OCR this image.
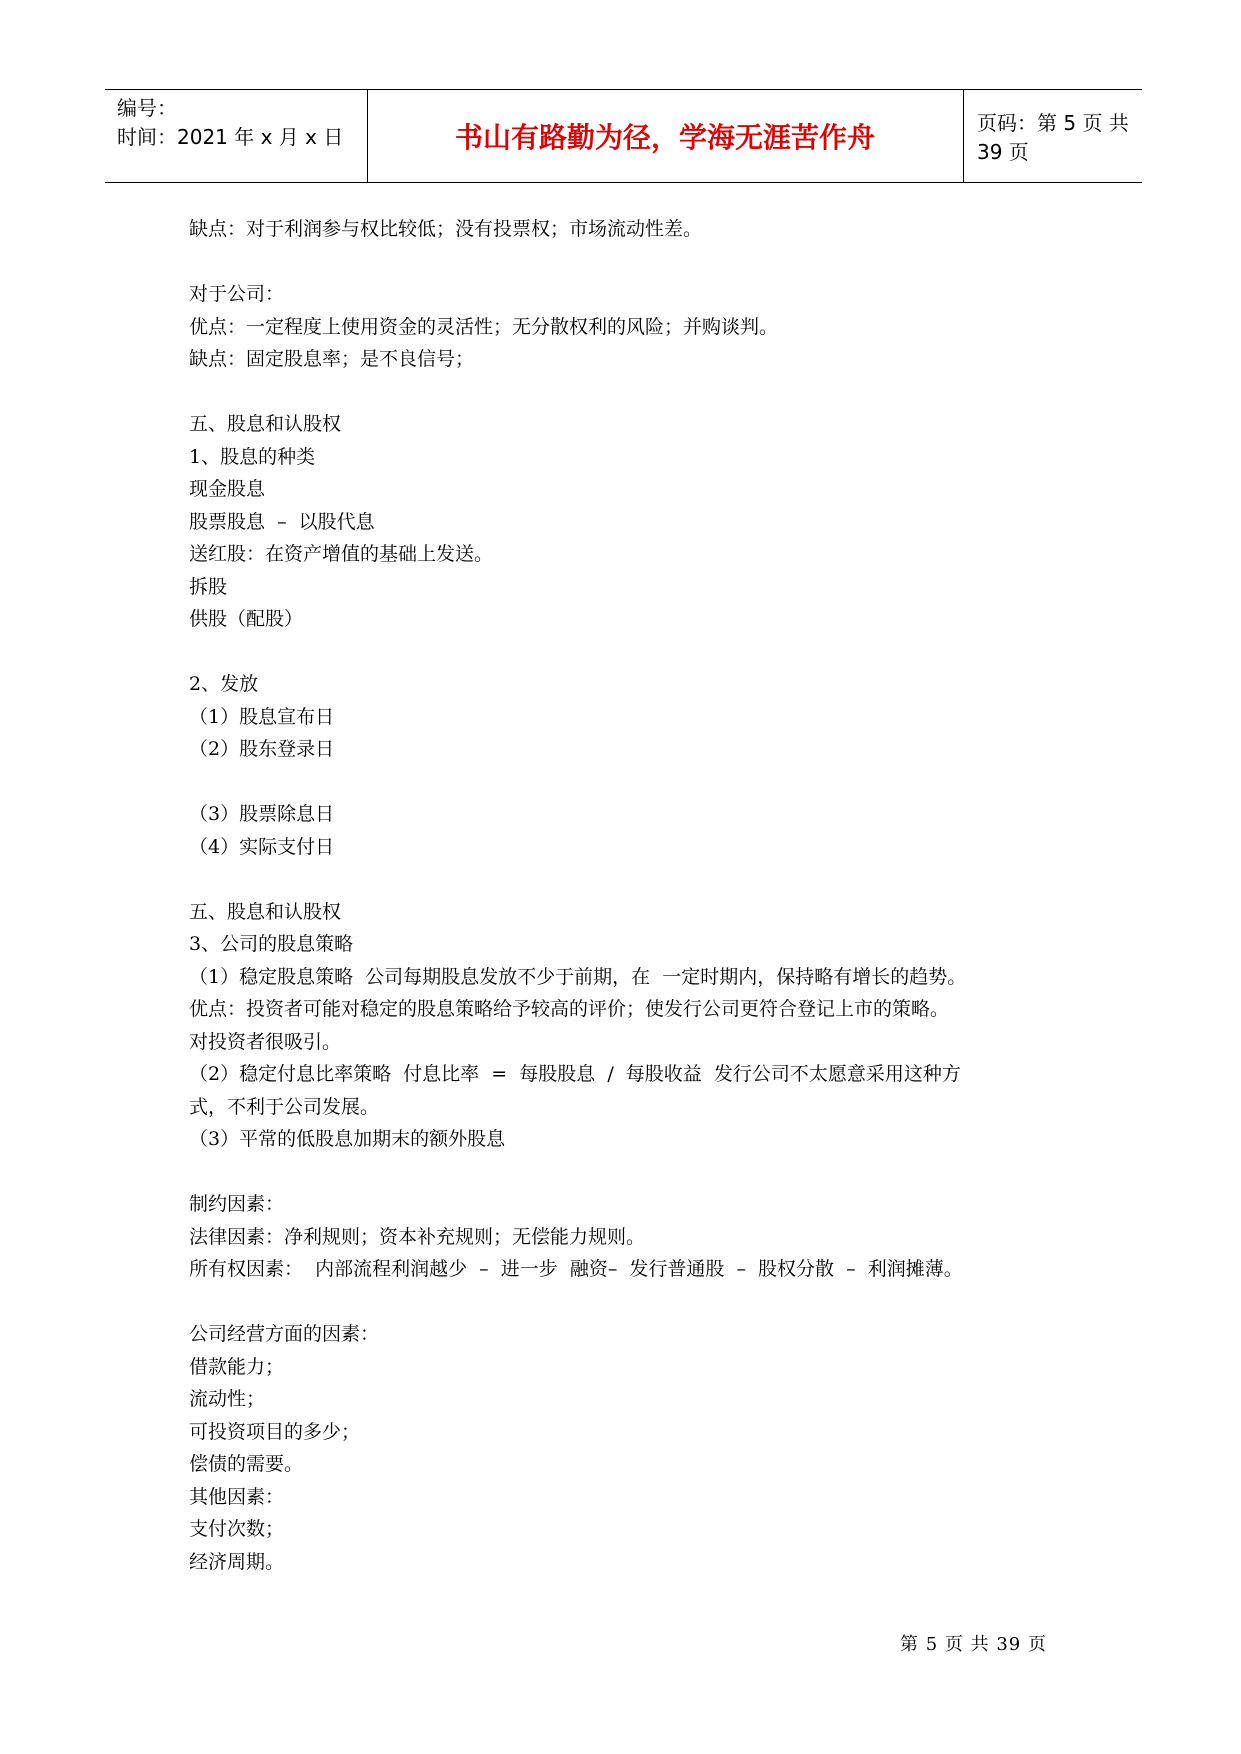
编号：
时间：2021 年 x 月 x 日	书山有路勤为径，学海无涯苦作舟	页码：第 5 页 共 39 页

缺点：对于利润参与权比较低；没有投票权；市场流动性差。

对于公司：

优点：一定程度上使用资金的灵活性；无分散权利的风险；并购谈判。

缺点：固定股息率；是不良信号；

五、股息和认股权

1、股息的种类

现金股息

股票股息  –  以股代息

送红股：在资产增值的基础上发送。

拆股

供股（配股）

2、发放

（1）股息宣布日

（2）股东登录日

（3）股票除息日

（4）实际支付日

五、股息和认股权

3、公司的股息策略

（1）稳定股息策略  公司每期股息发放不少于前期，在  一定时期内，保持略有增长的趋势。

优点：投资者可能对稳定的股息策略给予较高的评价；使发行公司更符合登记上市的策略。

对投资者很吸引。

（2）稳定付息比率策略  付息比率  =  每股股息  /  每股收益  发行公司不太愿意采用这种方

式，不利于公司发展。

（3）平常的低股息加期末的额外股息

制约因素：

法律因素：净利规则；资本补充规则；无偿能力规则。

所有权因素：  内部流程利润越少  –  进一步  融资–  发行普通股  –  股权分散  –  利润摊薄。

公司经营方面的因素：

借款能力；

流动性；

可投资项目的多少；

偿债的需要。

其他因素：

支付次数；

经济周期。

第 5 页 共 39 页
